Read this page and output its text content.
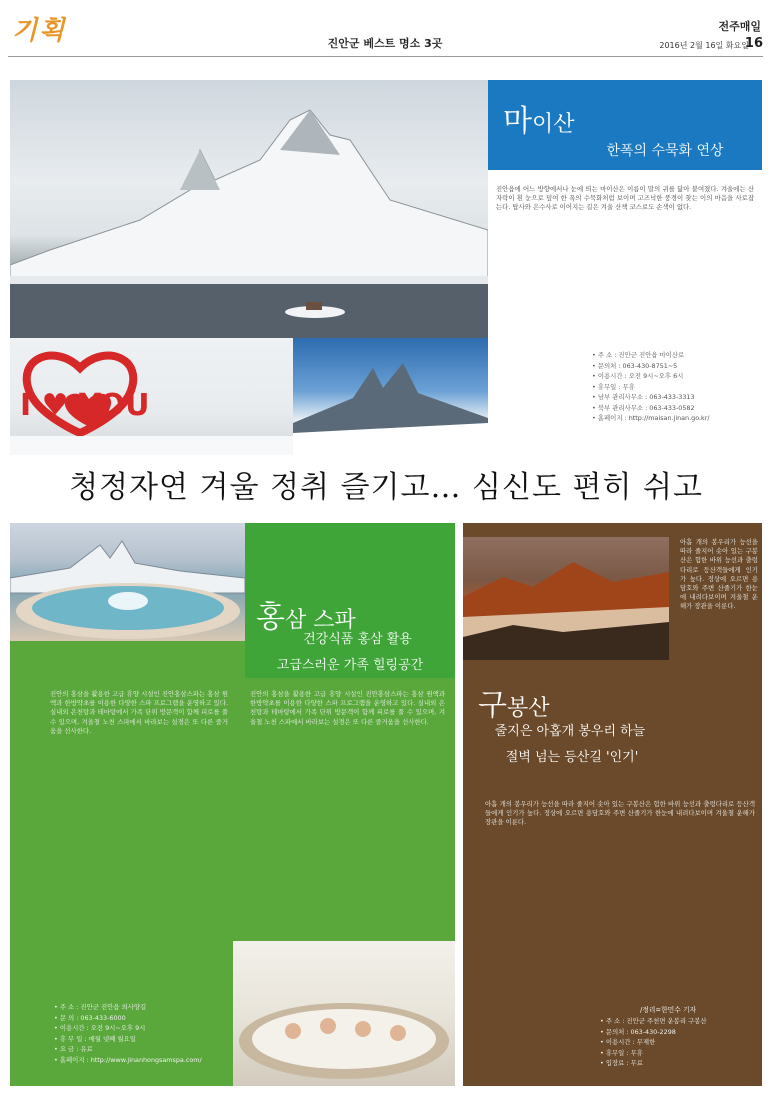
기획	진안군 베스트 명소 3곳
전주매일
2016년 2월 16일 화요일
16
I ♥ YOU
마이산
한폭의 수묵화 연상
진안읍에 어느 방향에서나 눈에 띄는 마이산은 이름이 말의 귀를 닮아 붙여졌다. 겨울에는 산자락이 흰 눈으로 덮여 한 폭의 수묵화처럼 보이며 고즈넉한 풍경이 찾는 이의 마음을 사로잡는다. 탑사와 은수사로 이어지는 길은 겨울 산책 코스로도 손색이 없다.
• 주 소 : 진안군 진안읍 마이산로
• 문의처 : 063-430-8751~5
• 이용시간 : 오전 9시~오후 6시
• 휴무일 : 무휴
• 남부 관리사무소 : 063-433-3313
• 북부 관리사무소 : 063-433-0582
• 홈페이지 : http://maisan.jinan.go.kr/
청정자연 겨울 정취 즐기고… 심신도 편히 쉬고
홍삼 스파
건강식품 홍삼 활용
고급스러운 가족 힐링공간
진안의 홍삼을 활용한 고급 휴양 시설인 진안홍삼스파는 홍삼 원액과 한방약초를 이용한 다양한 스파 프로그램을 운영하고 있다. 실내외 온천탕과 테마탕에서 가족 단위 방문객이 함께 피로를 풀 수 있으며, 겨울철 노천 스파에서 바라보는 설경은 또 다른 즐거움을 선사한다.
진안의 홍삼을 활용한 고급 휴양 시설인 진안홍삼스파는 홍삼 원액과 한방약초를 이용한 다양한 스파 프로그램을 운영하고 있다. 실내외 온천탕과 테마탕에서 가족 단위 방문객이 함께 피로를 풀 수 있으며, 겨울철 노천 스파에서 바라보는 설경은 또 다른 즐거움을 선사한다.
• 주 소 : 진안군 진안읍 외사양길
• 문 의 : 063-433-6000
• 이용시간 : 오전 9시~오후 9시
• 휴 무 일 : 매월 넷째 월요일
• 요 금 : 유료
• 홈페이지 : http://www.jinanhongsamspa.com/
구봉산
줄지은 아홉개 봉우리 하늘
절벽 넘는 등산길 '인기'
아홉 개의 봉우리가 능선을 따라 줄지어 솟아 있는 구봉산은 험한 바위 능선과 출렁다리로 등산객들에게 인기가 높다. 정상에 오르면 용담호와 주변 산줄기가 한눈에 내려다보이며 겨울철 운해가 장관을 이룬다.
아홉 개의 봉우리가 능선을 따라 줄지어 솟아 있는 구봉산은 험한 바위 능선과 출렁다리로 등산객들에게 인기가 높다. 정상에 오르면 용담호와 주변 산줄기가 한눈에 내려다보이며 겨울철 운해가 장관을 이룬다.
/정리=한민수 기자
• 주 소 : 진안군 주천면 운봉리 구봉산
• 문의처 : 063-430-2298
• 이용시간 : 무제한
• 휴무일 : 무휴
• 입장료 : 무료
